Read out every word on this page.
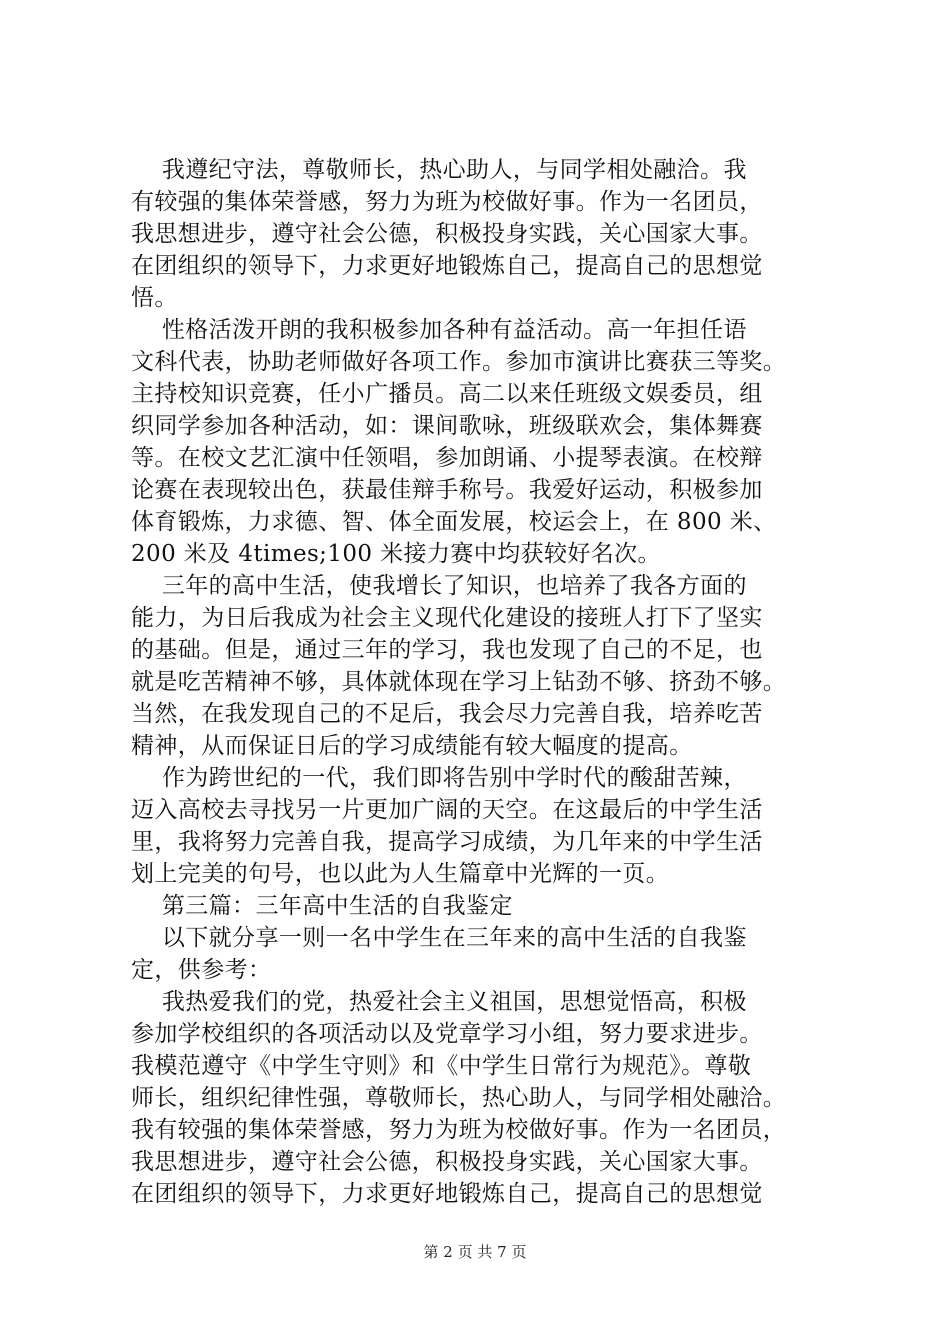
我遵纪守法，尊敬师长，热心助人，与同学相处融洽。我
有较强的集体荣誉感，努力为班为校做好事。作为一名团员，
我思想进步，遵守社会公德，积极投身实践，关心国家大事。
在团组织的领导下，力求更好地锻炼自己，提高自己的思想觉
悟。
性格活泼开朗的我积极参加各种有益活动。高一年担任语
文科代表，协助老师做好各项工作。参加市演讲比赛获三等奖。
主持校知识竞赛，任小广播员。高二以来任班级文娱委员，组
织同学参加各种活动，如：课间歌咏，班级联欢会，集体舞赛
等。在校文艺汇演中任领唱，参加朗诵、小提琴表演。在校辩
论赛在表现较出色，获最佳辩手称号。我爱好运动，积极参加
体育锻炼，力求德、智、体全面发展，校运会上，在 800 米、
200 米及 4times;100 米接力赛中均获较好名次。
三年的高中生活，使我增长了知识，也培养了我各方面的
能力，为日后我成为社会主义现代化建设的接班人打下了坚实
的基础。但是，通过三年的学习，我也发现了自己的不足，也
就是吃苦精神不够，具体就体现在学习上钻劲不够、挤劲不够。
当然，在我发现自己的不足后，我会尽力完善自我，培养吃苦
精神，从而保证日后的学习成绩能有较大幅度的提高。
作为跨世纪的一代，我们即将告别中学时代的酸甜苦辣，
迈入高校去寻找另一片更加广阔的天空。在这最后的中学生活
里，我将努力完善自我，提高学习成绩，为几年来的中学生活
划上完美的句号，也以此为人生篇章中光辉的一页。
第三篇：三年高中生活的自我鉴定
以下就分享一则一名中学生在三年来的高中生活的自我鉴
定，供参考：
我热爱我们的党，热爱社会主义祖国，思想觉悟高，积极
参加学校组织的各项活动以及党章学习小组，努力要求进步。
我模范遵守《中学生守则》和《中学生日常行为规范》。尊敬
师长，组织纪律性强，尊敬师长，热心助人，与同学相处融洽。
我有较强的集体荣誉感，努力为班为校做好事。作为一名团员，
我思想进步，遵守社会公德，积极投身实践，关心国家大事。
在团组织的领导下，力求更好地锻炼自己，提高自己的思想觉
第 2 页 共 7 页
